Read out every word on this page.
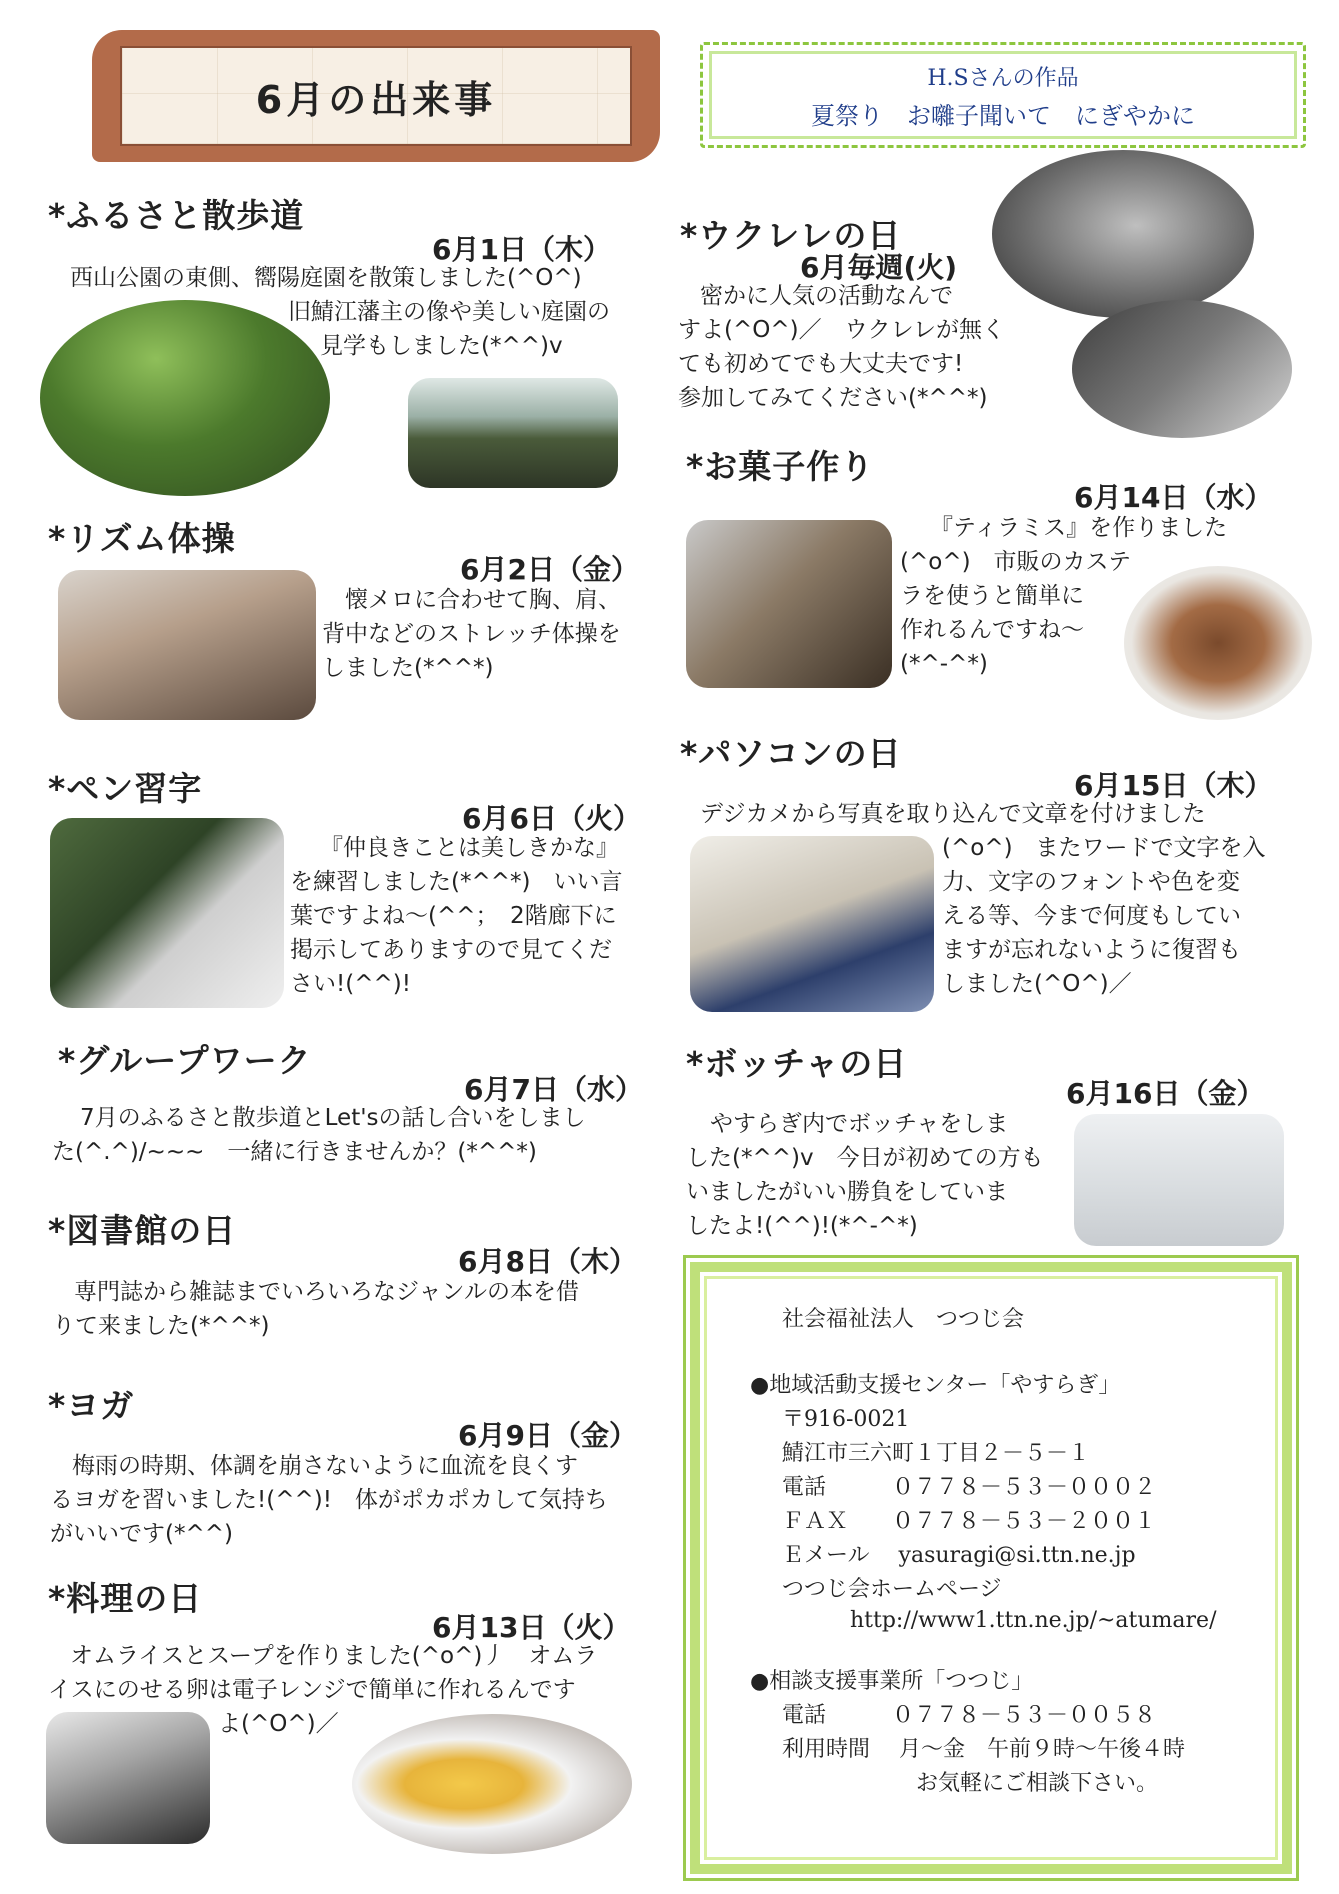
6月の出来事	H.Sさんの作品
夏祭り　お囃子聞いて　にぎやかに
*ふるさと散歩道
6月1日（木）
西山公園の東側、嚮陽庭園を散策しました(^O^)
旧鯖江藩主の像や美しい庭園の
見学もしました(*^^)v
*リズム体操
6月2日（金）
懐メロに合わせて胸、肩、
背中などのストレッチ体操を
しました(*^^*)
*ペン習字
6月6日（火）
『仲良きことは美しきかな』
を練習しました(*^^*)　いい言
葉ですよね～(^^；　2階廊下に
掲示してありますので見てくだ
さい!(^^)!
*グループワーク
6月7日（水）
7月のふるさと散歩道とLet'sの話し合いをしまし
た(^.^)/~~~　一緒に行きませんか？(*^^*)
*図書館の日
6月8日（木）
専門誌から雑誌までいろいろなジャンルの本を借
りて来ました(*^^*)
*ヨガ
6月9日（金）
梅雨の時期、体調を崩さないように血流を良くす
るヨガを習いました!(^^)!　体がポカポカして気持ち
がいいです(*^^)
*料理の日
6月13日（火）
オムライスとスープを作りました(^o^)丿　オムラ
イスにのせる卵は電子レンジで簡単に作れるんです
よ(^O^)／
*ウクレレの日
6月毎週(火)
密かに人気の活動なんで
すよ(^O^)／　ウクレレが無く
ても初めてでも大丈夫です!
参加してみてください(*^^*)
*お菓子作り
6月14日（水）
『ティラミス』を作りました
(^o^)　市販のカステ
ラを使うと簡単に
作れるんですね～
(*^-^*)
*パソコンの日
6月15日（木）
デジカメから写真を取り込んで文章を付けました
(^o^)　またワードで文字を入
力、文字のフォントや色を変
える等、今まで何度もしてい
ますが忘れないように復習も
しました(^O^)／
*ボッチャの日
6月16日（金）
やすらぎ内でボッチャをしま
した(*^^)v　今日が初めての方も
いましたがいい勝負をしていま
したよ!(^^)!(*^-^*)
社会福祉法人　つつじ会
●地域活動支援センター「やすらぎ」
〒916-0021
鯖江市三六町１丁目２－５－１
電話　　　０７７８－５３－０００２
ＦＡＸ　　０７７８－５３－２００１
Ｅメール　 yasuragi@si.ttn.ne.jp
つつじ会ホームページ
http://www1.ttn.ne.jp/~atumare/
●相談支援事業所「つつじ」
電話　　　０７７８－５３－００５８
利用時間　 月～金　午前９時～午後４時
お気軽にご相談下さい。
